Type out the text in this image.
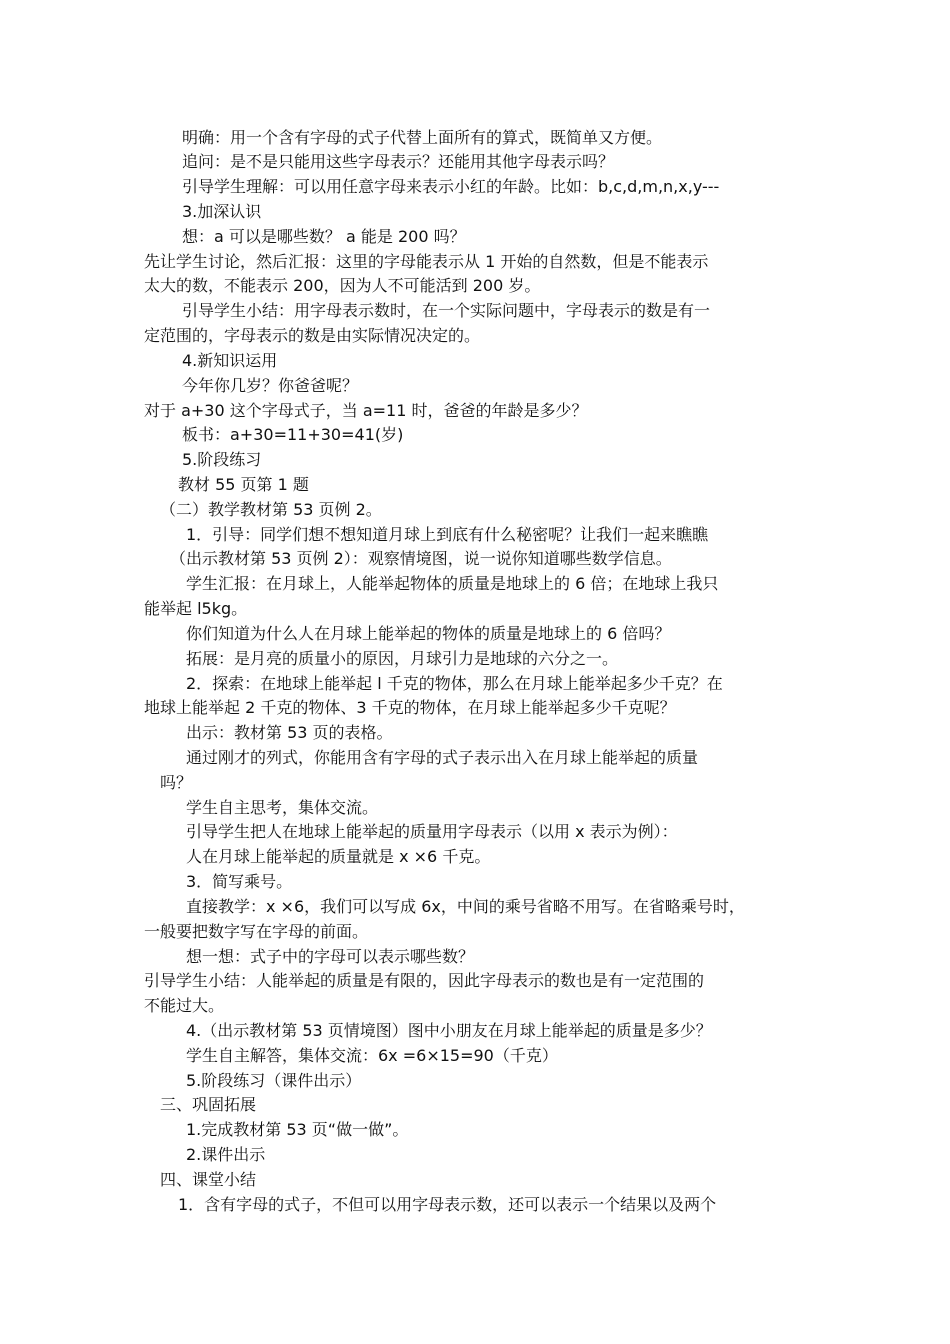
明确：用一个含有字母的式子代替上面所有的算式，既简单又方便。
追问：是不是只能用这些字母表示？还能用其他字母表示吗？
引导学生理解：可以用任意字母来表示小红的年龄。比如：b,c,d,m,n,x,y---
3.加深认识
想：a 可以是哪些数？ a 能是 200 吗？
先让学生讨论，然后汇报：这里的字母能表示从 1 开始的自然数，但是不能表示
太大的数，不能表示 200，因为人不可能活到 200 岁。
引导学生小结：用字母表示数时，在一个实际问题中，字母表示的数是有一
定范围的，字母表示的数是由实际情况决定的。
4.新知识运用
今年你几岁？你爸爸呢？
对于 a+30 这个字母式子，当 a=11 时，爸爸的年龄是多少？
板书：a+30=11+30=41(岁)
5.阶段练习
教材 55 页第 1 题
（二）教学教材第 53 页例 2。
1．引导：同学们想不想知道月球上到底有什么秘密呢？让我们一起来瞧瞧
（出示教材第 53 页例 2）：观察情境图，说一说你知道哪些数学信息。
学生汇报：在月球上，人能举起物体的质量是地球上的 6 倍；在地球上我只
能举起 l5kg。
你们知道为什么人在月球上能举起的物体的质量是地球上的 6 倍吗？
拓展：是月亮的质量小的原因，月球引力是地球的六分之一。
2．探索：在地球上能举起 l 千克的物体，那么在月球上能举起多少千克？在
地球上能举起 2 千克的物体、3 千克的物体，在月球上能举起多少千克呢？
出示：教材第 53 页的表格。
通过刚才的列式，你能用含有字母的式子表示出入在月球上能举起的质量
吗？
学生自主思考，集体交流。
引导学生把人在地球上能举起的质量用字母表示（以用 x 表示为例）：
人在月球上能举起的质量就是 x ×6 千克。
3．简写乘号。
直接教学：x ×6，我们可以写成 6x，中间的乘号省略不用写。在省略乘号时，
一般要把数字写在字母的前面。
想一想：式子中的字母可以表示哪些数？
引导学生小结：人能举起的质量是有限的，因此字母表示的数也是有一定范围的
不能过大。
4.（出示教材第 53 页情境图）图中小朋友在月球上能举起的质量是多少？
学生自主解答，集体交流：6x =6×15=90（千克）
5.阶段练习（课件出示）
三、巩固拓展
1.完成教材第 53 页“做一做”。
2.课件出示
四、课堂小结
1．含有字母的式子，不但可以用字母表示数，还可以表示一个结果以及两个
